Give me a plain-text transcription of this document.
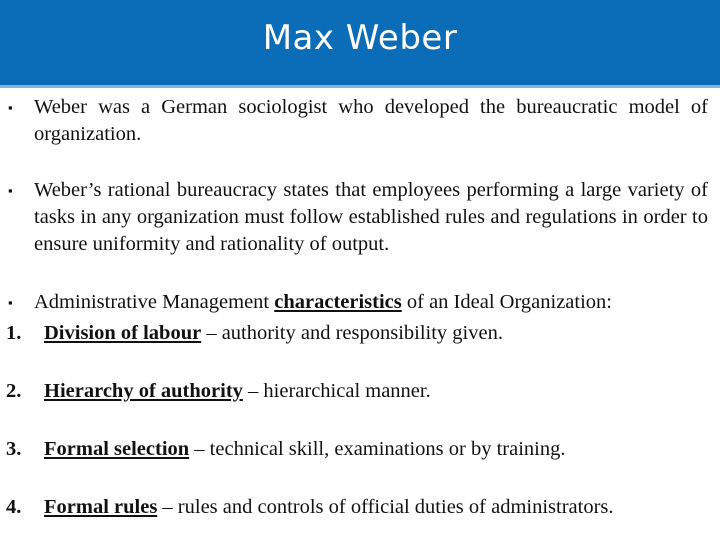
Max Weber
▪	Weber was a German sociologist who developed the bureaucratic model of organization.
▪	Weber’s rational bureaucracy states that employees performing a large variety of tasks in any organization must follow established rules and regulations in order to ensure uniformity and rationality of output.
▪	Administrative Management characteristics of an Ideal Organization:
1. Division of labour – authority and responsibility given.
2. Hierarchy of authority – hierarchical manner.
3. Formal selection – technical skill, examinations or by training.
4. Formal rules – rules and controls of official duties of administrators.
